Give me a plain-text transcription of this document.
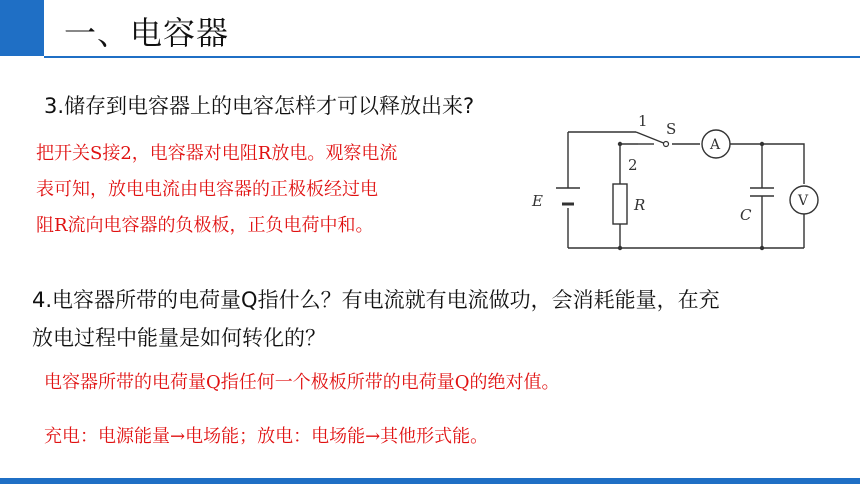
一、电容器
3.储存到电容器上的电容怎样才可以释放出来?
把开关S接2，电容器对电阻R放电。观察电流
表可知，放电电流由电容器的正极板经过电
阻R流向电容器的负极板，正负电荷中和。
1 S
2
A
V
E	R
C
4.电容器所带的电荷量Q指什么？有电流就有电流做功，会消耗能量，在充
放电过程中能量是如何转化的？
电容器所带的电荷量Q指任何一个极板所带的电荷量Q的绝对值。
充电：电源能量→电场能；放电：电场能→其他形式能。
